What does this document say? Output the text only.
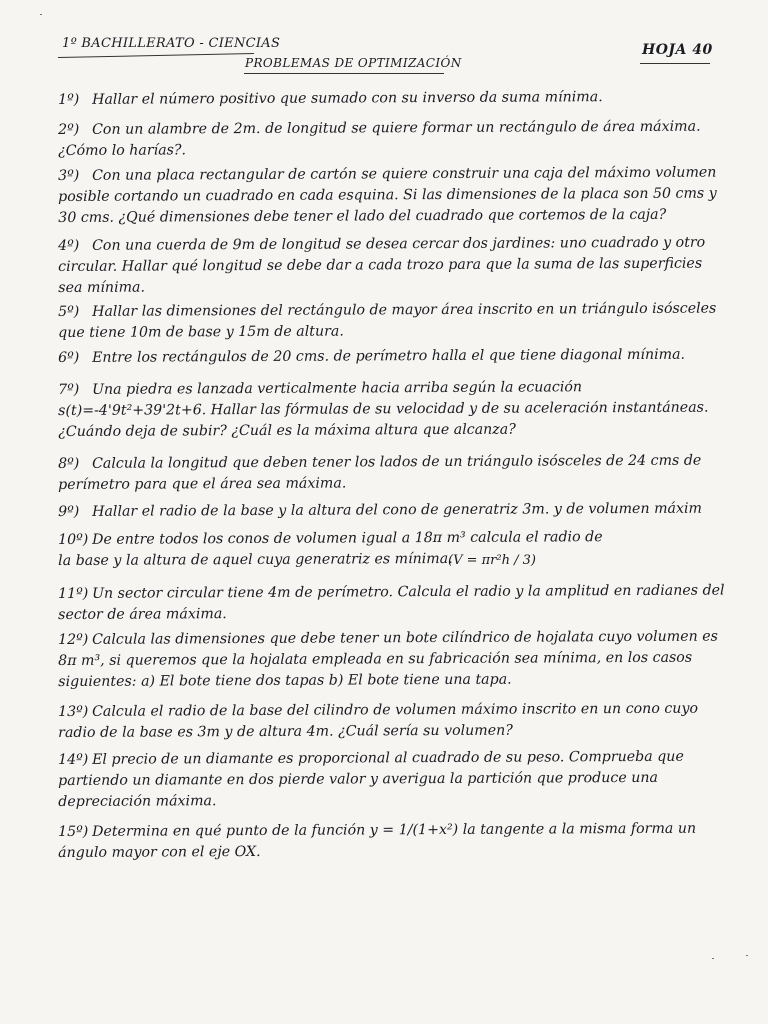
1º BACHILLERATO - CIENCIAS
PROBLEMAS DE OPTIMIZACIÓN
HOJA 40
1º) Hallar el número positivo que sumado con su inverso da suma mínima.
2º) Con un alambre de 2m. de longitud se quiere formar un rectángulo de área máxima. ¿Cómo lo harías?.
3º) Con una placa rectangular de cartón se quiere construir una caja del máximo volumen posible cortando un cuadrado en cada esquina. Si las dimensiones de la placa son 50 cms y 30 cms. ¿Qué dimensiones debe tener el lado del cuadrado que cortemos de la caja?
4º) Con una cuerda de 9m de longitud se desea cercar dos jardines: uno cuadrado y otro circular. Hallar qué longitud se debe dar a cada trozo para que la suma de las superficies sea mínima.
5º) Hallar las dimensiones del rectángulo de mayor área inscrito en un triángulo isósceles que tiene 10m de base y 15m de altura.
6º) Entre los rectángulos de 20 cms. de perímetro halla el que tiene diagonal mínima.
7º) Una piedra es lanzada verticalmente hacia arriba según la ecuación s(t)=-4'9t²+39'2t+6. Hallar las fórmulas de su velocidad y de su aceleración instantáneas. ¿Cuándo deja de subir? ¿Cuál es la máxima altura que alcanza?
8º) Calcula la longitud que deben tener los lados de un triángulo isósceles de 24 cms de perímetro para que el área sea máxima.
9º) Hallar el radio de la base y la altura del cono de generatriz 3m. y de volumen máxim
10º) De entre todos los conos de volumen igual a 18π m³ calcula el radio de la base y la altura de aquel cuya generatriz es mínima.
(V = πr²h / 3)
11º) Un sector circular tiene 4m de perímetro. Calcula el radio y la amplitud en radianes del sector de área máxima.
12º) Calcula las dimensiones que debe tener un bote cilíndrico de hojalata cuyo volumen es 8π m³, si queremos que la hojalata empleada en su fabricación sea mínima, en los casos siguientes: a) El bote tiene dos tapas b) El bote tiene una tapa.
13º) Calcula el radio de la base del cilindro de volumen máximo inscrito en un cono cuyo radio de la base es 3m y de altura 4m. ¿Cuál sería su volumen?
14º) El precio de un diamante es proporcional al cuadrado de su peso. Comprueba que partiendo un diamante en dos pierde valor y averigua la partición que produce una depreciación máxima.
15º) Determina en qué punto de la función y = 1/(1+x²) la tangente a la misma forma un ángulo mayor con el eje OX.
